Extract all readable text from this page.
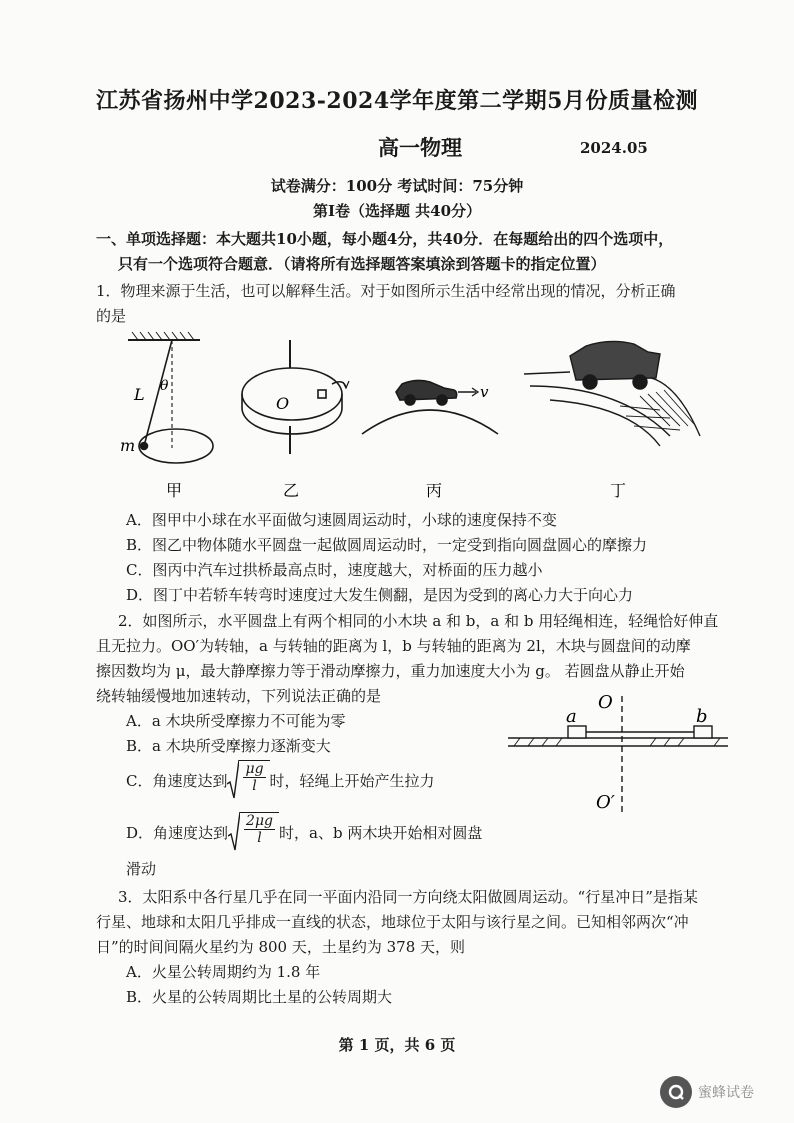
江苏省扬州中学2023-2024学年度第二学期5月份质量检测
高一物理	2024.05
试卷满分：100分 考试时间：75分钟
第Ⅰ卷（选择题 共40分）
一、单项选择题：本大题共10小题，每小题4分，共40分．在每题给出的四个选项中，
只有一个选项符合题意．（请将所有选择题答案填涂到答题卡的指定位置）
1．物理来源于生活，也可以解释生活。对于如图所示生活中经常出现的情况，分析正确
的是
L θ
m
O
v
甲	乙	丙	丁
A．图甲中小球在水平面做匀速圆周运动时，小球的速度保持不变
B．图乙中物体随水平圆盘一起做圆周运动时，一定受到指向圆盘圆心的摩擦力
C．图丙中汽车过拱桥最高点时，速度越大，对桥面的压力越小
D．图丁中若轿车转弯时速度过大发生侧翻，是因为受到的离心力大于向心力
2．如图所示，水平圆盘上有两个相同的小木块 a 和 b，a 和 b 用轻绳相连，轻绳恰好伸直
且无拉力。OO′为转轴，a 与转轴的距离为 l，b 与转轴的距离为 2l，木块与圆盘间的动摩
擦因数均为 μ，最大静摩擦力等于滑动摩擦力，重力加速度大小为 g。 若圆盘从静止开始
绕转轴缓慢地加速转动，下列说法正确的是
A．a 木块所受摩擦力不可能为零
B．a 木块所受摩擦力逐渐变大
C．角速度达到 $\frac{\mu g}{l}$ 时，轻绳上开始产生拉力
D．角速度达到 $\frac{2\mu g}{l}$ 时，a、b 两木块开始相对圆盘
滑动
a	b
O
O′
3．太阳系中各行星几乎在同一平面内沿同一方向绕太阳做圆周运动。“行星冲日”是指某
行星、地球和太阳几乎排成一直线的状态，地球位于太阳与该行星之间。已知相邻两次“冲
日”的时间间隔火星约为 800 天，土星约为 378 天，则
A．火星公转周期约为 1.8 年
B．火星的公转周期比土星的公转周期大
第 1 页，共 6 页
蜜蜂试卷
